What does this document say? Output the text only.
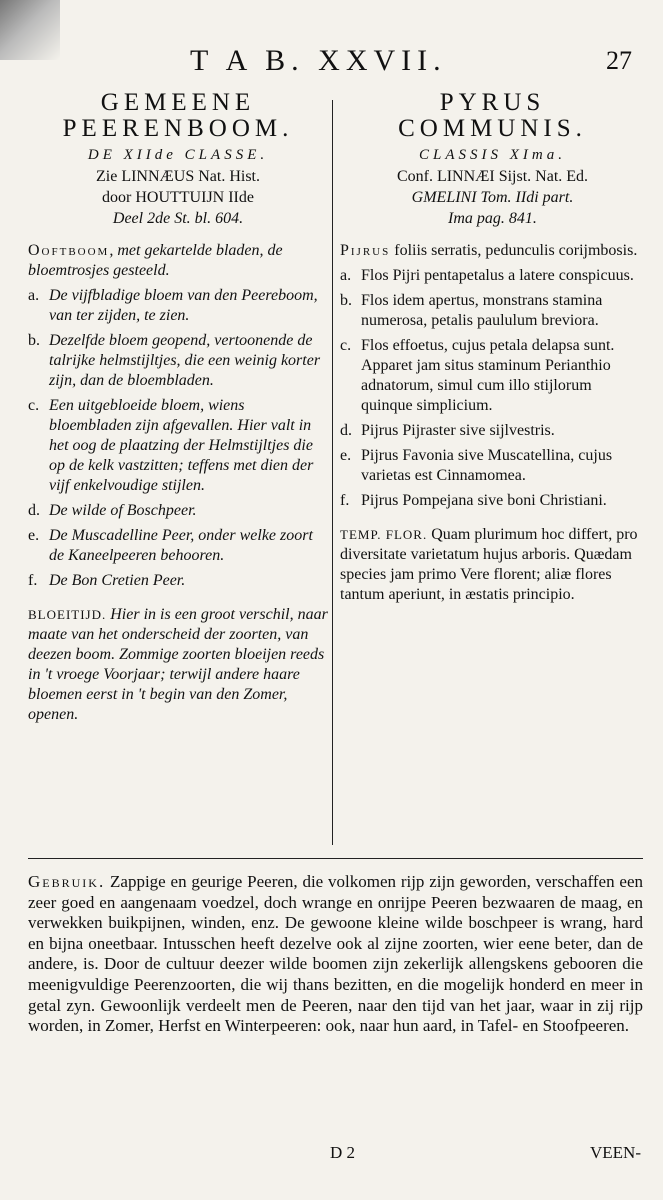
T A B. XXVII.	27
GEMEENE
PEERENBOOM.
DE XIIde CLASSE.
Zie LINNÆUS Nat. Hist.
door HOUTTUIJN IIde
Deel 2de St. bl. 604.
Ooftboom, met gekartelde bladen, de bloemtrosjes gesteeld.
a. De vijfbladige bloem van den Peereboom, van ter zijden, te zien.
b. Dezelfde bloem geopend, vertoonende de talrijke helmstijltjes, die een weinig korter zijn, dan de bloembladen.
c. Een uitgebloeide bloem, wiens bloembladen zijn afgevallen. Hier valt in het oog de plaatzing der Helmstijltjes die op de kelk vastzitten; teffens met dien der vijf enkelvoudige stijlen.
d. De wilde of Boschpeer.
e. De Muscadelline Peer, onder welke zoort de Kaneelpeeren behooren.
f. De Bon Cretien Peer.
BLOEITIJD. Hier in is een groot verschil, naar maate van het onderscheid der zoorten, van deezen boom. Zommige zoorten bloeijen reeds in 't vroege Voorjaar; terwijl andere haare bloemen eerst in 't begin van den Zomer, openen.
PYRUS
COMMUNIS.
CLASSIS XIma.
Conf. LINNÆI Sijst. Nat. Ed.
GMELINI Tom. IIdi part.
Ima pag. 841.
Pijrus foliis serratis, pedunculis corijmbosis.
a. Flos Pijri pentapetalus a latere conspicuus.
b. Flos idem apertus, monstrans stamina numerosa, petalis paululum breviora.
c. Flos effoetus, cujus petala delapsa sunt. Apparet jam situs staminum Perianthio adnatorum, simul cum illo stijlorum quinque simplicium.
d. Pijrus Pijraster sive sijlvestris.
e. Pijrus Favonia sive Muscatellina, cujus varietas est Cinnamomea.
f. Pijrus Pompejana sive boni Christiani.
TEMP. FLOR. Quam plurimum hoc differt, pro diversitate varietatum hujus arboris. Quædam species jam primo Vere florent; aliæ flores tantum aperiunt, in æstatis principio.
Gebruik. Zappige en geurige Peeren, die volkomen rijp zijn geworden, verschaffen een zeer goed en aangenaam voedzel, doch wrange en onrijpe Peeren bezwaaren de maag, en verwekken buikpijnen, winden, enz. De gewoone kleine wilde boschpeer is wrang, hard en bijna oneetbaar. Intusschen heeft dezelve ook al zijne zoorten, wier eene beter, dan de andere, is. Door de cultuur deezer wilde boomen zijn zekerlijk allengskens gebooren die meenigvuldige Peerenzoorten, die wij thans bezitten, en die mogelijk honderd en meer in getal zyn. Gewoonlijk verdeelt men de Peeren, naar den tijd van het jaar, waar in zij rijp worden, in Zomer, Herfst en Winterpeeren: ook, naar hun aard, in Tafel- en Stoofpeeren.
D 2	VEEN-
